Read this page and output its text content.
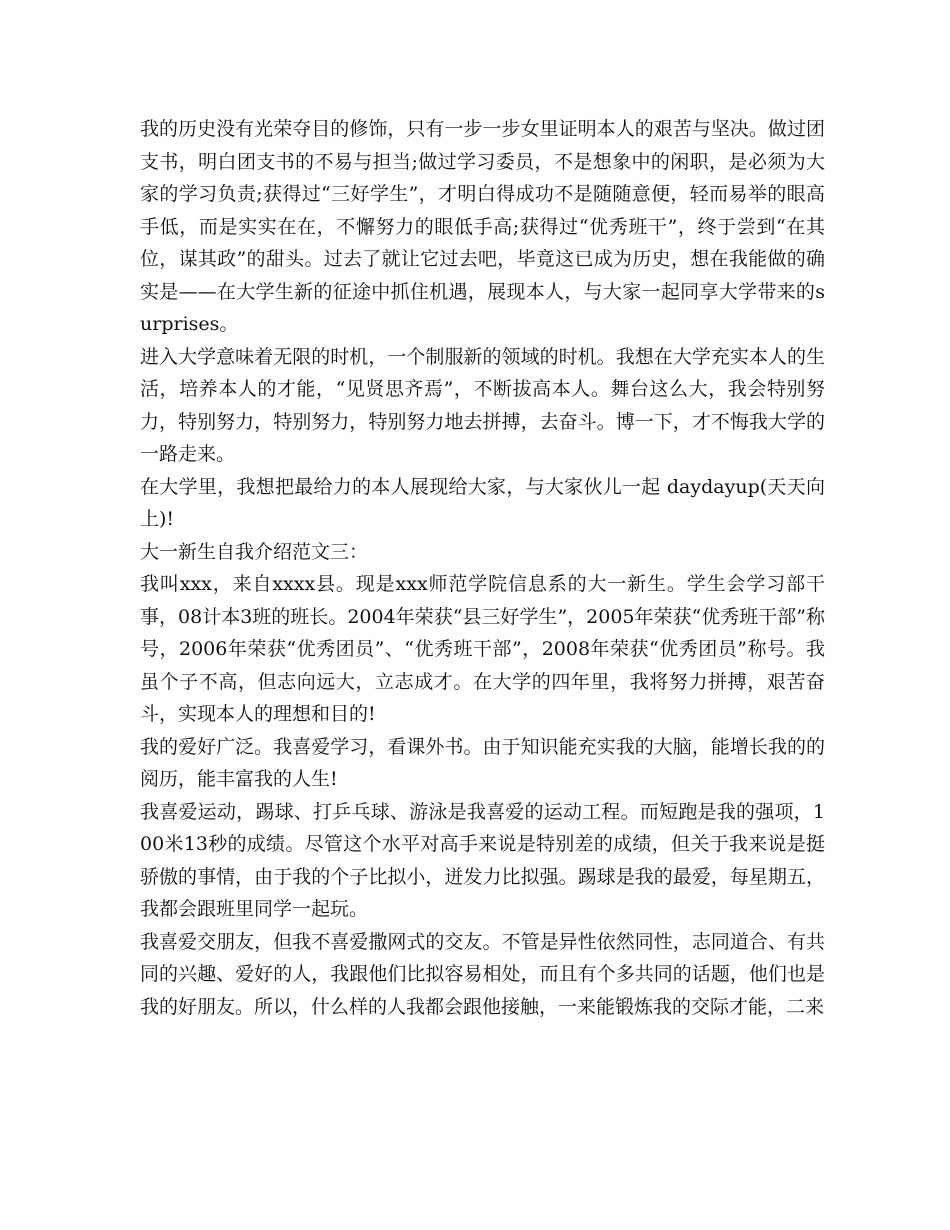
我的历史没有光荣夺目的修饰，只有一步一步女里证明本人的艰苦与坚决。做过团支书，明白团支书的不易与担当;做过学习委员，不是想象中的闲职，是必须为大家的学习负责;获得过“三好学生”，才明白得成功不是随随意便，轻而易举的眼高手低，而是实实在在，不懈努力的眼低手高;获得过“优秀班干”，终于尝到“在其位，谋其政”的甜头。过去了就让它过去吧，毕竟这已成为历史，想在我能做的确实是——在大学生新的征途中抓住机遇，展现本人，与大家一起同享大学带来的surprises。

进入大学意味着无限的时机，一个制服新的领域的时机。我想在大学充实本人的生活，培养本人的才能，“见贤思齐焉”，不断拔高本人。舞台这么大，我会特别努力，特别努力，特别努力，特别努力地去拼搏，去奋斗。博一下，才不悔我大学的一路走来。

在大学里，我想把最给力的本人展现给大家，与大家伙儿一起 daydayup(天天向上)!

大一新生自我介绍范文三：

我叫xxx，来自xxxx县。现是xxx师范学院信息系的大一新生。学生会学习部干事，08计本3班的班长。2004年荣获“县三好学生”，2005年荣获“优秀班干部”称号，2006年荣获“优秀团员”、“优秀班干部”，2008年荣获“优秀团员”称号。我虽个子不高，但志向远大，立志成才。在大学的四年里，我将努力拼搏，艰苦奋斗，实现本人的理想和目的!

我的爱好广泛。我喜爱学习，看课外书。由于知识能充实我的大脑，能增长我的的阅历，能丰富我的人生!

我喜爱运动，踢球、打乒乓球、游泳是我喜爱的运动工程。而短跑是我的强项，100米13秒的成绩。尽管这个水平对高手来说是特别差的成绩，但关于我来说是挺骄傲的事情，由于我的个子比拟小，迸发力比拟强。踢球是我的最爱，每星期五，我都会跟班里同学一起玩。

我喜爱交朋友，但我不喜爱撒网式的交友。不管是异性依然同性，志同道合、有共同的兴趣、爱好的人，我跟他们比拟容易相处，而且有个多共同的话题，他们也是我的好朋友。所以，什么样的人我都会跟他接触，一来能锻炼我的交际才能，二来
